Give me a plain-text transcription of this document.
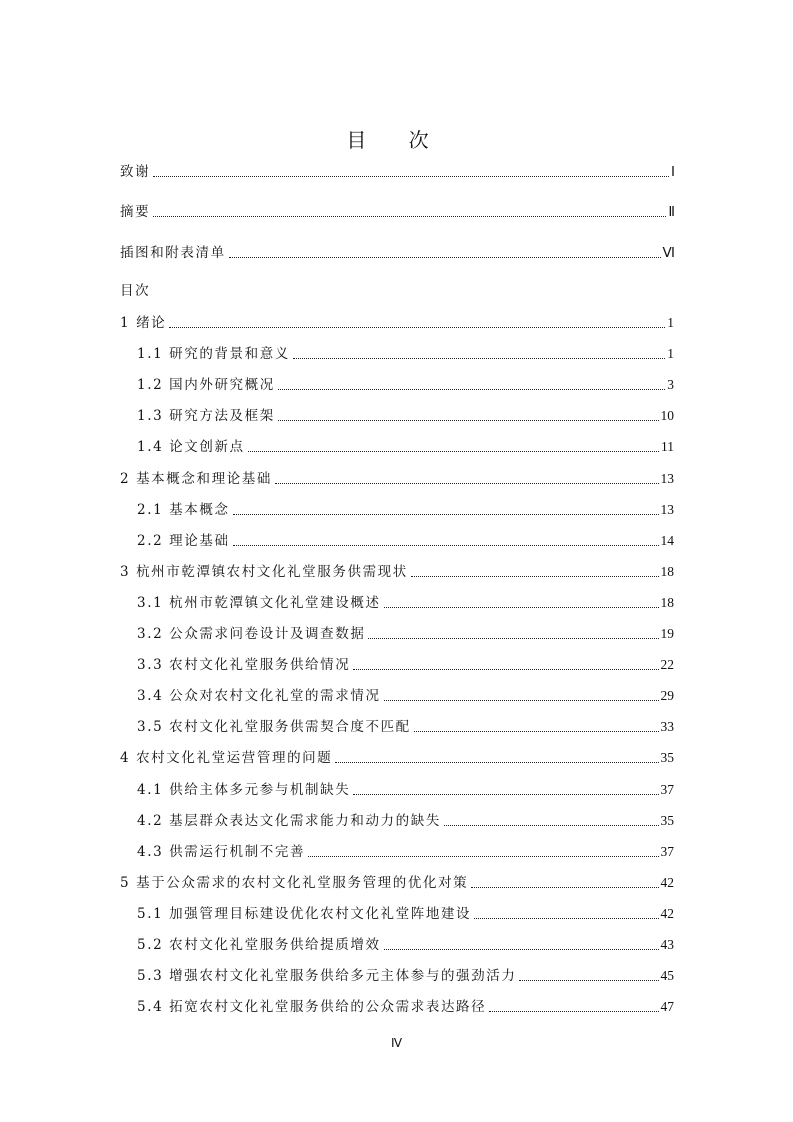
目 次
致谢	Ⅰ
摘要	Ⅱ
插图和附表清单	Ⅵ
目次
1 绪论	1
1.1 研究的背景和意义	1
1.2 国内外研究概况	3
1.3 研究方法及框架	10
1.4 论文创新点	11
2 基本概念和理论基础	13
2.1 基本概念	13
2.2 理论基础	14
3 杭州市乾潭镇农村文化礼堂服务供需现状	18
3.1 杭州市乾潭镇文化礼堂建设概述	18
3.2 公众需求问卷设计及调查数据	19
3.3 农村文化礼堂服务供给情况	22
3.4 公众对农村文化礼堂的需求情况	29
3.5 农村文化礼堂服务供需契合度不匹配	33
4 农村文化礼堂运营管理的问题	35
4.1 供给主体多元参与机制缺失	37
4.2 基层群众表达文化需求能力和动力的缺失	35
4.3 供需运行机制不完善	37
5 基于公众需求的农村文化礼堂服务管理的优化对策	42
5.1 加强管理目标建设优化农村文化礼堂阵地建设	42
5.2 农村文化礼堂服务供给提质增效	43
5.3 增强农村文化礼堂服务供给多元主体参与的强劲活力	45
5.4 拓宽农村文化礼堂服务供给的公众需求表达路径	47
Ⅳ
